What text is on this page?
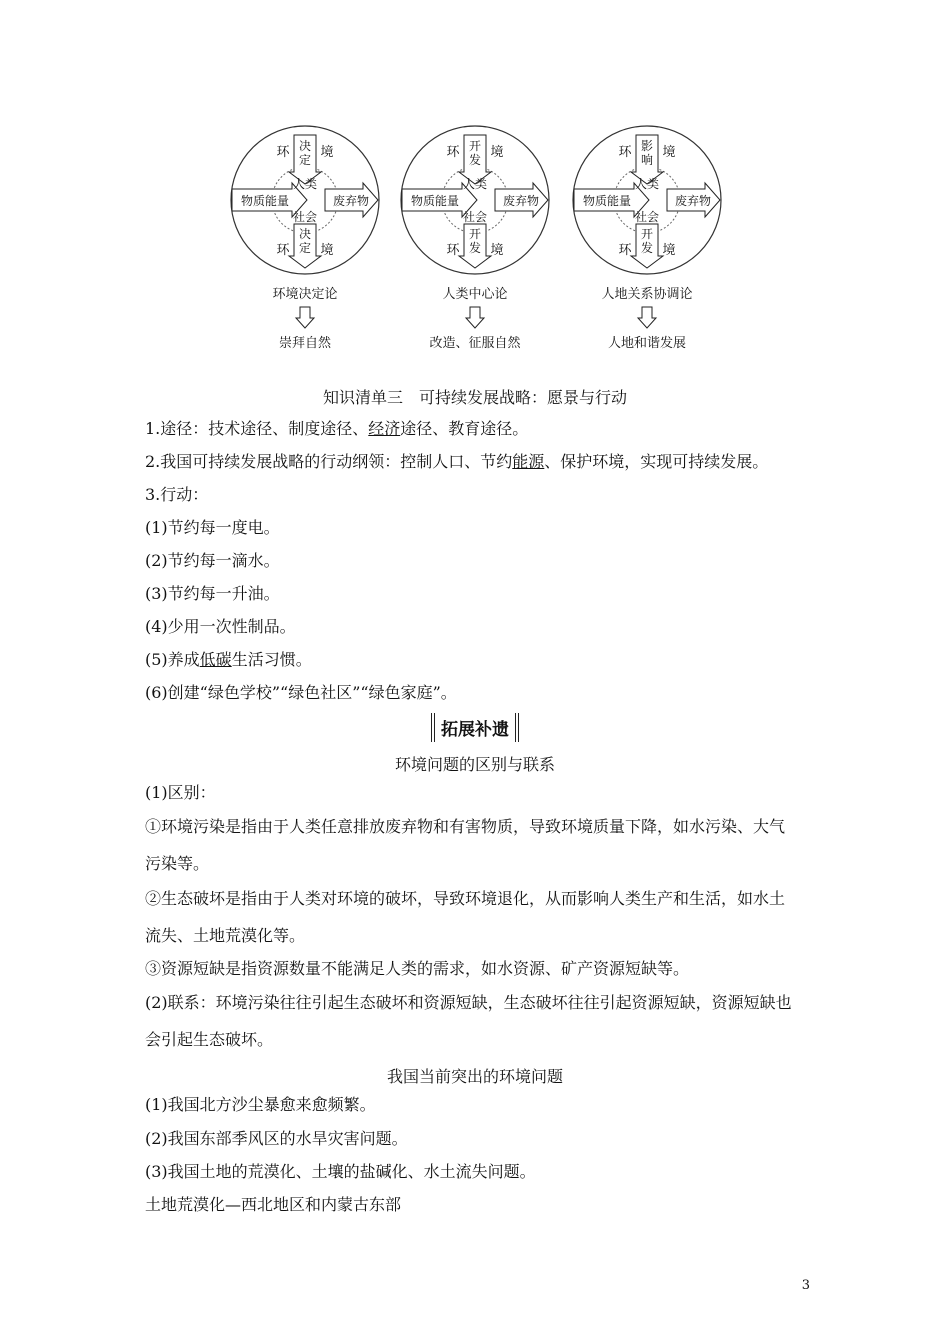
决
定
决
定
物质能量	废弃物
环 境
环 境
人类
社会
环境决定论
崇拜自然
开
发
开
发
物质能量	废弃物
环 境
环 境
人类
社会
人类中心论
改造、征服自然
影
响
开
发
物质能量	废弃物
环 境
环 境
人类
社会
人地关系协调论
人地和谐发展
知识清单三　可持续发展战略：愿景与行动
1.途径：技术途径、制度途径、经济途径、教育途径。
2.我国可持续发展战略的行动纲领：控制人口、节约能源、保护环境，实现可持续发展。
3.行动：
(1)节约每一度电。
(2)节约每一滴水。
(3)节约每一升油。
(4)少用一次性制品。
(5)养成低碳生活习惯。
(6)创建“绿色学校”“绿色社区”“绿色家庭”。
拓展补遗
环境问题的区别与联系
(1)区别：
①环境污染是指由于人类任意排放废弃物和有害物质，导致环境质量下降，如水污染、大气
污染等。
②生态破坏是指由于人类对环境的破坏，导致环境退化，从而影响人类生产和生活，如水土
流失、土地荒漠化等。
③资源短缺是指资源数量不能满足人类的需求，如水资源、矿产资源短缺等。
(2)联系：环境污染往往引起生态破坏和资源短缺，生态破坏往往引起资源短缺，资源短缺也
会引起生态破坏。
我国当前突出的环境问题
(1)我国北方沙尘暴愈来愈频繁。
(2)我国东部季风区的水旱灾害问题。
(3)我国土地的荒漠化、土壤的盐碱化、水土流失问题。
土地荒漠化—西北地区和内蒙古东部
3
